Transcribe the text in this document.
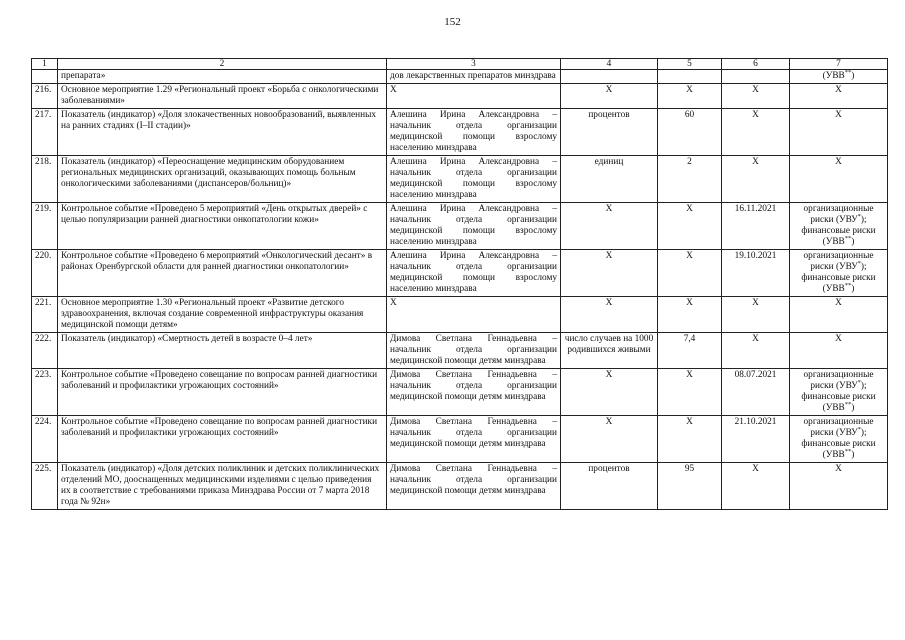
152
1	2	3	4	5	6	7
	препарата»	дов лекарственных препаратов минздрава				(УВВ**)
216.	Основное мероприятие 1.29 «Региональный проект «Борьба с онкологическими заболеваниями»	X	X	X	X	X
217.	Показатель (индикатор) «Доля злокачественных новообразований, выявленных на ранних стадиях (I–II стадии)»	Алешина Ирина Александровна – начальник отдела организации медицинской помощи взрослому населению минздрава	процентов	60	X	X
218.	Показатель (индикатор) «Переоснащение медицинским оборудованием региональных медицинских организаций, оказывающих помощь больным онкологическими заболеваниями (диспансеров/больниц)»	Алешина Ирина Александровна – начальник отдела организации медицинской помощи взрослому населению минздрава	единиц	2	X	X
219.	Контрольное событие «Проведено 5 мероприятий «День открытых дверей» с целью популяризации ранней диагностики онкопатологии кожи»	Алешина Ирина Александровна – начальник отдела организации медицинской помощи взрослому населению минздрава	X	X	16.11.2021	организационные риски (УВУ*); финансовые риски (УВВ**)
220.	Контрольное событие «Проведено 6 мероприятий «Онкологический десант» в районах Оренбургской области для ранней диагностики онкопатологии»	Алешина Ирина Александровна – начальник отдела организации медицинской помощи взрослому населению минздрава	X	X	19.10.2021	организационные риски (УВУ*); финансовые риски (УВВ**)
221.	Основное мероприятие 1.30 «Региональный проект «Развитие детского здравоохранения, включая создание современной инфраструктуры оказания медицинской помощи детям»	X	X	X	X	X
222.	Показатель (индикатор) «Смертность детей в возрасте 0–4 лет»	Димова Светлана Геннадьевна – начальник отдела организации медицинской помощи детям минздрава	число случаев на 1000 родившихся живыми	7,4	X	X
223.	Контрольное событие «Проведено совещание по вопросам ранней диагностики заболеваний и профилактики угрожающих состояний»	Димова Светлана Геннадьевна – начальник отдела организации медицинской помощи детям минздрава	X	X	08.07.2021	организационные риски (УВУ*); финансовые риски (УВВ**)
224.	Контрольное событие «Проведено совещание по вопросам ранней диагностики заболеваний и профилактики угрожающих состояний»	Димова Светлана Геннадьевна – начальник отдела организации медицинской помощи детям минздрава	X	X	21.10.2021	организационные риски (УВУ*); финансовые риски (УВВ**)
225.	Показатель (индикатор) «Доля детских поликлиник и детских поликлинических отделений МО, дооснащенных медицинскими изделиями с целью приведения их в соответствие с требованиями приказа Минздрава России от 7 марта 2018 года № 92н»	Димова Светлана Геннадьевна – начальник отдела организации медицинской помощи детям минздрава	процентов	95	X	X
